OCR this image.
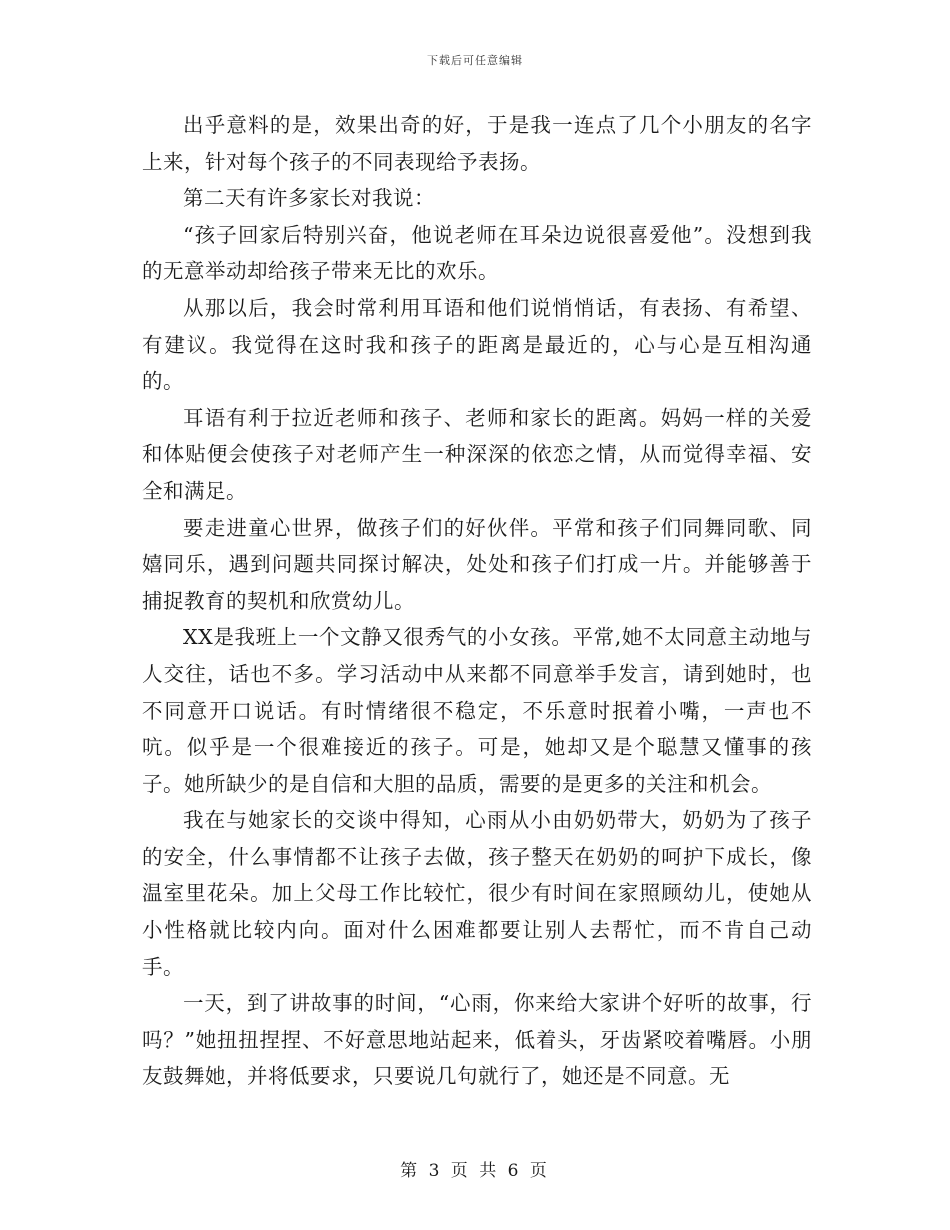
下载后可任意编辑

出乎意料的是，效果出奇的好，于是我一连点了几个小朋友的名字上来，针对每个孩子的不同表现给予表扬。

第二天有许多家长对我说：

“孩子回家后特别兴奋，他说老师在耳朵边说很喜爱他”。没想到我的无意举动却给孩子带来无比的欢乐。

从那以后，我会时常利用耳语和他们说悄悄话，有表扬、有希望、有建议。我觉得在这时我和孩子的距离是最近的，心与心是互相沟通的。

耳语有利于拉近老师和孩子、老师和家长的距离。妈妈一样的关爱和体贴便会使孩子对老师产生一种深深的依恋之情，从而觉得幸福、安全和满足。

要走进童心世界，做孩子们的好伙伴。平常和孩子们同舞同歌、同嬉同乐，遇到问题共同探讨解决，处处和孩子们打成一片。并能够善于捕捉教育的契机和欣赏幼儿。

XX是我班上一个文静又很秀气的小女孩。平常,她不太同意主动地与人交往，话也不多。学习活动中从来都不同意举手发言，请到她时，也不同意开口说话。有时情绪很不稳定，不乐意时抿着小嘴，一声也不吭。似乎是一个很难接近的孩子。可是，她却又是个聪慧又懂事的孩子。她所缺少的是自信和大胆的品质，需要的是更多的关注和机会。

我在与她家长的交谈中得知，心雨从小由奶奶带大，奶奶为了孩子的安全，什么事情都不让孩子去做，孩子整天在奶奶的呵护下成长，像温室里花朵。加上父母工作比较忙，很少有时间在家照顾幼儿，使她从小性格就比较内向。面对什么困难都要让别人去帮忙，而不肯自己动手。

一天，到了讲故事的时间，“心雨，你来给大家讲个好听的故事，行吗？”她扭扭捏捏、不好意思地站起来，低着头，牙齿紧咬着嘴唇。小朋友鼓舞她，并将低要求，只要说几句就行了，她还是不同意。无

第 3 页 共 6 页
